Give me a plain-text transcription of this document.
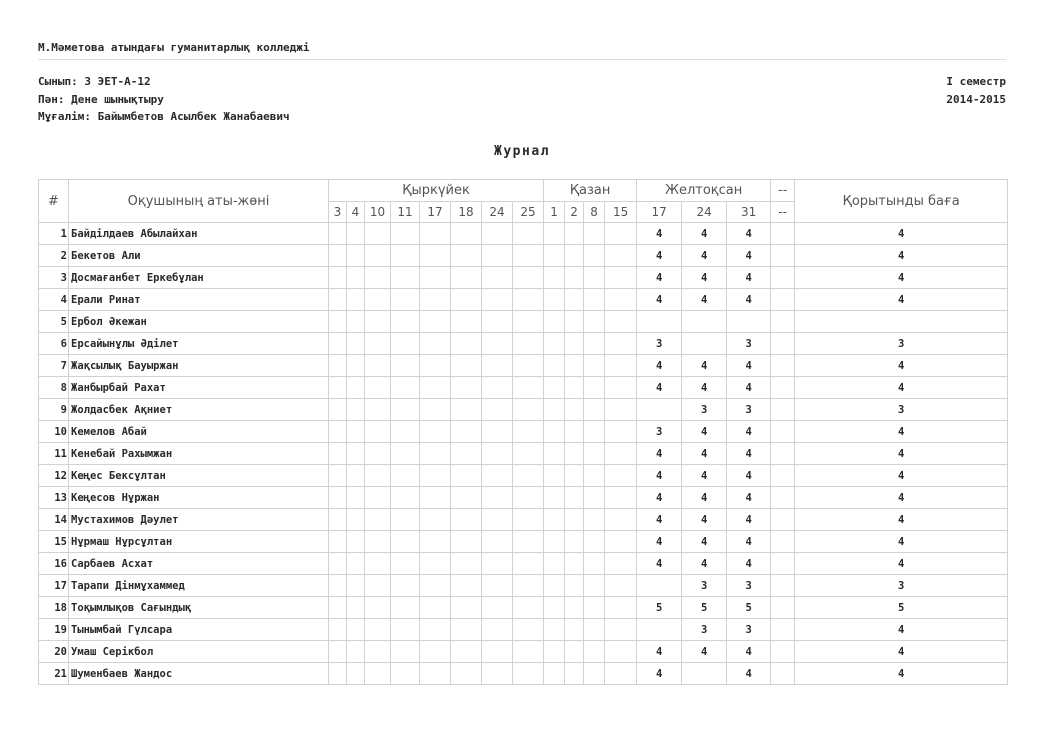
М.Мәметова атындағы гуманитарлық колледжі
Сынып: 3 ЭЕТ-А-12
Пән: Дене шынықтыру
Мұғалім: Байымбетов Асылбек Жанабаевич
I семестр
2014-2015
Журнал
#	Оқушының аты-жөні	Қыркүйек								Қазан				Желтоқсан			--	Қорытынды баға
		3	4	10	11	17	18	24	25	1	2	8	15	17	24	31	--	
1	Байділдаев Абылайхан													4	4	4		4
2	Бекетов Али													4	4	4		4
3	Досмағанбет Еркебұлан													4	4	4		4
4	Ерали Ринат													4	4	4		4
5	Ербол Әкежан																	
6	Ерсайынұлы Әділет													3		3		3
7	Жақсылық Бауыржан													4	4	4		4
8	Жанбырбай Рахат													4	4	4		4
9	Жолдасбек Ақниет														3	3		3
10	Кемелов Абай													3	4	4		4
11	Кенебай Рахымжан													4	4	4		4
12	Кеңес Бексұлтан													4	4	4		4
13	Кеңесов Нұржан													4	4	4		4
14	Мустахимов Дәулет													4	4	4		4
15	Нұрмаш Нұрсұлтан													4	4	4		4
16	Сарбаев Асхат													4	4	4		4
17	Тарапи Дінмұхаммед														3	3		3
18	Тоқымлықов Сағындық													5	5	5		5
19	Тынымбай Гүлсара														3	3		4
20	Умаш Серікбол													4	4	4		4
21	Шуменбаев Жандос													4		4		4
